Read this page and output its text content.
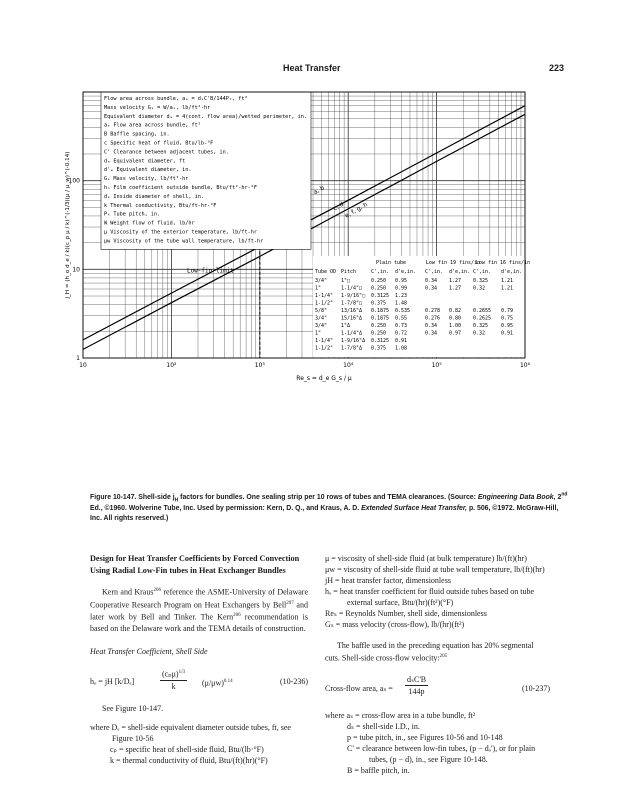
Heat Transfer	223
Low-fin limit
a, b
c, d
e, f, g, h
Flow area across bundle, aₛ = dₛC'B/144Pₜ, ft²
Mass velocity Gₛ = W/aₛ, lb/ft²-hr
Equivalent diameter dₑ = 4(cont. flow area)/wetted perimeter, in.
aₛ Flow area across bundle, ft²
B Baffle spacing, in.
c Specific heat of fluid, Btu/lb-°F
C' Clearance between adjacent tubes, in.
dₑ Equivalent diameter, ft
d'ₑ Equivalent diameter, in.
Gₛ Mass velocity, lb/ft²-hr
hₒ Film coefficient outside bundle, Btu/ft²-hr-°F
dₛ Inside diameter of shell, in.
k Thermal conductivity, Btu/ft-hr-°F
Pₜ Tube pitch, in.
W Weight flow of fluid, lb/hr
μ Viscosity of the exterior temperature, lb/ft-hr
μw Viscosity of the tube wall temperature, lb/ft-hr
Plain tube	Low fin 19 fins/in
Low fin 16 fins/in
Tube OD Pitch	C',in. d'e,in. C',in. d'e,in. C',in. d'e,in.
3/4"	1"□	0.250 0.95	0.34 1.27 0.325	1.21
1"	1-1/4"□ 0.250 0.99	0.34 1.27 0.32	1.21
1-1/4" 1-9/16"□ 0.3125 1.23
1-1/2" 1-7/8"□ 0.375 1.48
5/8"	13/16"Δ 0.1875 0.535	0.278 0.82 0.2655 0.79
3/4"	15/16"Δ 0.1875 0.55	0.276 0.80 0.2625 0.75
3/4"	1"Δ	0.250 0.73	0.34 1.00 0.325	0.95
1"	1-1/4"Δ 0.250 0.72	0.34 0.97 0.32	0.91
1-1/4" 1-9/16"Δ 0.3125 0.91
1-1/2" 1-7/8"Δ 0.375 1.08
10	10²	10³	10⁴	10⁵	10⁶
1
10
100
Re_s = d_e G_s / μ
j_H = (h_o d_e / k)(c_p μ / k)^(-1/3)(μ / μ_w)^(-0.14)
Figure 10-147. Shell-side $j_H$ factors for bundles. One sealing strip per 10 rows of tubes and TEMA clearances. (Source: Engineering Data Book, 2nd Ed., ©1960. Wolverine Tube, Inc. Used by permission: Kern, D. Q., and Kraus, A. D. Extended Surface Heat Transfer, p. 506, ©1972. McGraw-Hill, Inc. All rights reserved.)
Design for Heat Transfer Coefficients by Forced Convection Using Radial Low-Fin tubes in Heat Exchanger Bundles
Kern and Kraus$^{206}$ reference the ASME-University of Delaware Cooperative Research Program on Heat Exchangers by Bell$^{207}$ and later work by Bell and Tinker. The Kern$^{206}$ recommendation is based on the Delaware work and the TEMA details of construction.
Heat Transfer Coefficient, Shell Side
hₒ = jH [k/Dₑ]
$(c_p\mu)^{1/3}$
k	$(\mu/\mu w)^{0.14}$	(10-236)
See Figure 10-147.
where Dₑ = shell-side equivalent diameter outside tubes, ft, see Figure 10-56
cₚ = specific heat of shell-side fluid, Btu/(lb·°F)
k = thermal conductivity of fluid, Btu/(ft)(hr)(°F)
μ = viscosity of shell-side fluid (at bulk temperature) lb/(ft)(hr)
μw = viscosity of shell-side fluid at tube wall temperature, lb/(ft)(hr)
jH = heat transfer factor, dimensionless
hₒ = heat transfer coefficient for fluid outside tubes based on tube external surface, Btu/(hr)(ft²)(°F)
Reₛ = Reynolds Number, shell side, dimensionless
Gₛ = mass velocity (cross-flow), lb/(hr)(ft²)
The baffle used in the preceding equation has 20% segmental cuts. Shell-side cross-flow velocity:$^{205}$
Cross-flow area, aₛ =
dₛC'B
144p	(10-237)
where aₛ = cross-flow area in a tube bundle, ft²
dₛ = shell-side I.D., in.
p = tube pitch, in., see Figures 10-56 and 10-148
C' = clearance between low-fin tubes, (p − dₒ'), or for plain tubes, (p − d), in., see Figure 10-148.
B = baffle pitch, in.
